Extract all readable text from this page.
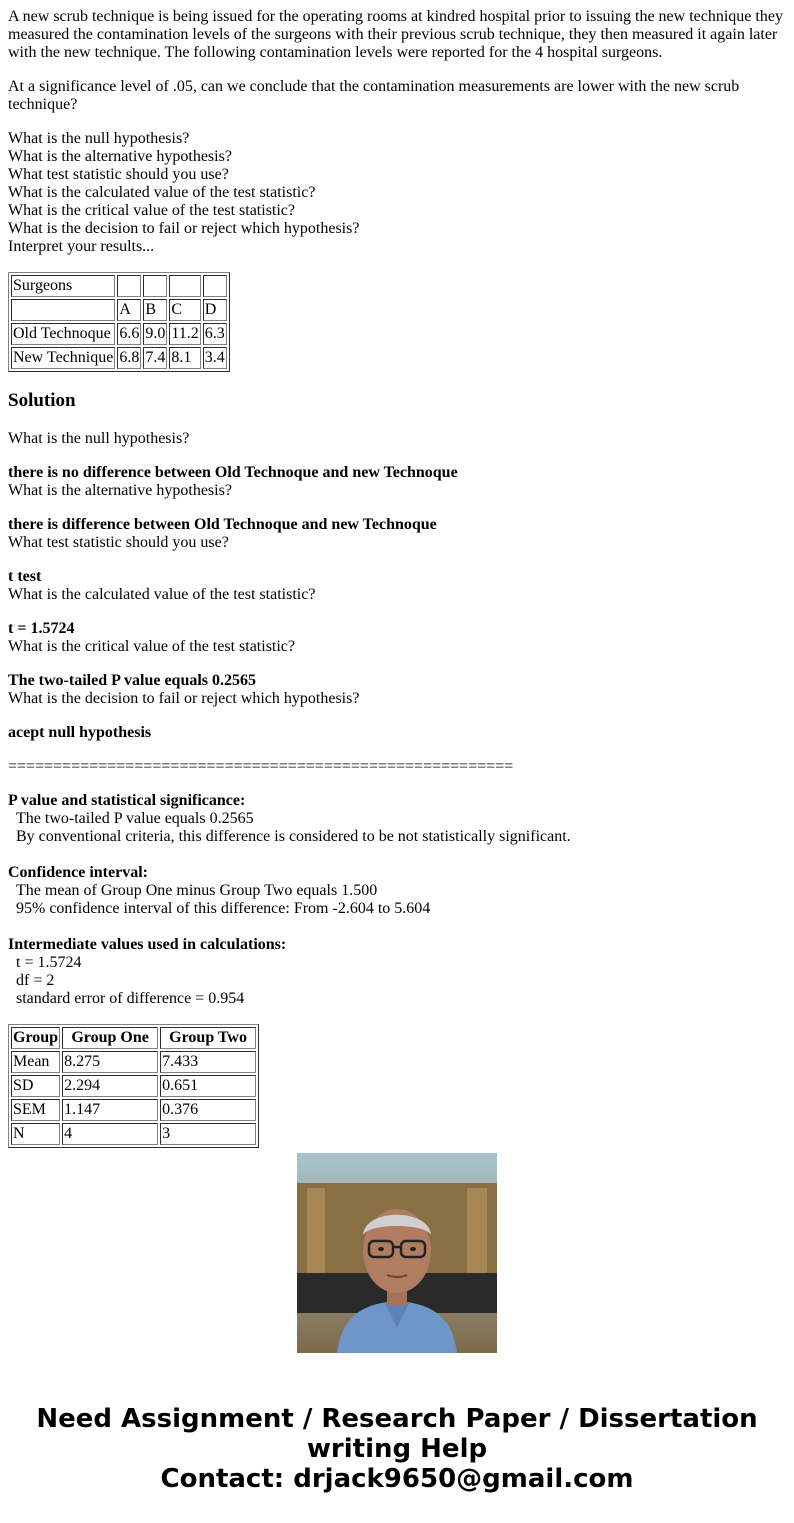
A new scrub technique is being issued for the operating rooms at kindred hospital prior to issuing the new technique they measured the contamination levels of the surgeons with their previous scrub technique, they then measured it again later with the new technique. The following contamination levels were reported for the 4 hospital surgeons.

At a significance level of .05, can we conclude that the contamination measurements are lower with the new scrub technique?

What is the null hypothesis?
What is the alternative hypothesis?
What test statistic should you use?
What is the calculated value of the test statistic?
What is the critical value of the test statistic?
What is the decision to fail or reject which hypothesis?
Interpret your results...
Surgeons				
	A	B	C	D
Old Technoque	6.6	9.0	11.2	6.3
New Technique	6.8	7.4	8.1	3.4
Solution
What is the null hypothesis?
there is no difference between Old Technoque and new Technoque
What is the alternative hypothesis?
there is difference between Old Technoque and new Technoque
What test statistic should you use?
t test
What is the calculated value of the test statistic?
t = 1.5724
What is the critical value of the test statistic?
The two-tailed P value equals 0.2565
What is the decision to fail or reject which hypothesis?
acept null hypothesis
========================================================
P value and statistical significance:
The two-tailed P value equals 0.2565
By conventional criteria, this difference is considered to be not statistically significant.
Confidence interval:
The mean of Group One minus Group Two equals 1.500
95% confidence interval of this difference: From -2.604 to 5.604
Intermediate values used in calculations:
t = 1.5724
df = 2
standard error of difference = 0.954
Group	Group One	Group Two
Mean	8.275	7.433
SD	2.294	0.651
SEM	1.147	0.376
N	4	3
Need Assignment / Research Paper / Dissertation
writing Help
Contact: drjack9650@gmail.com
